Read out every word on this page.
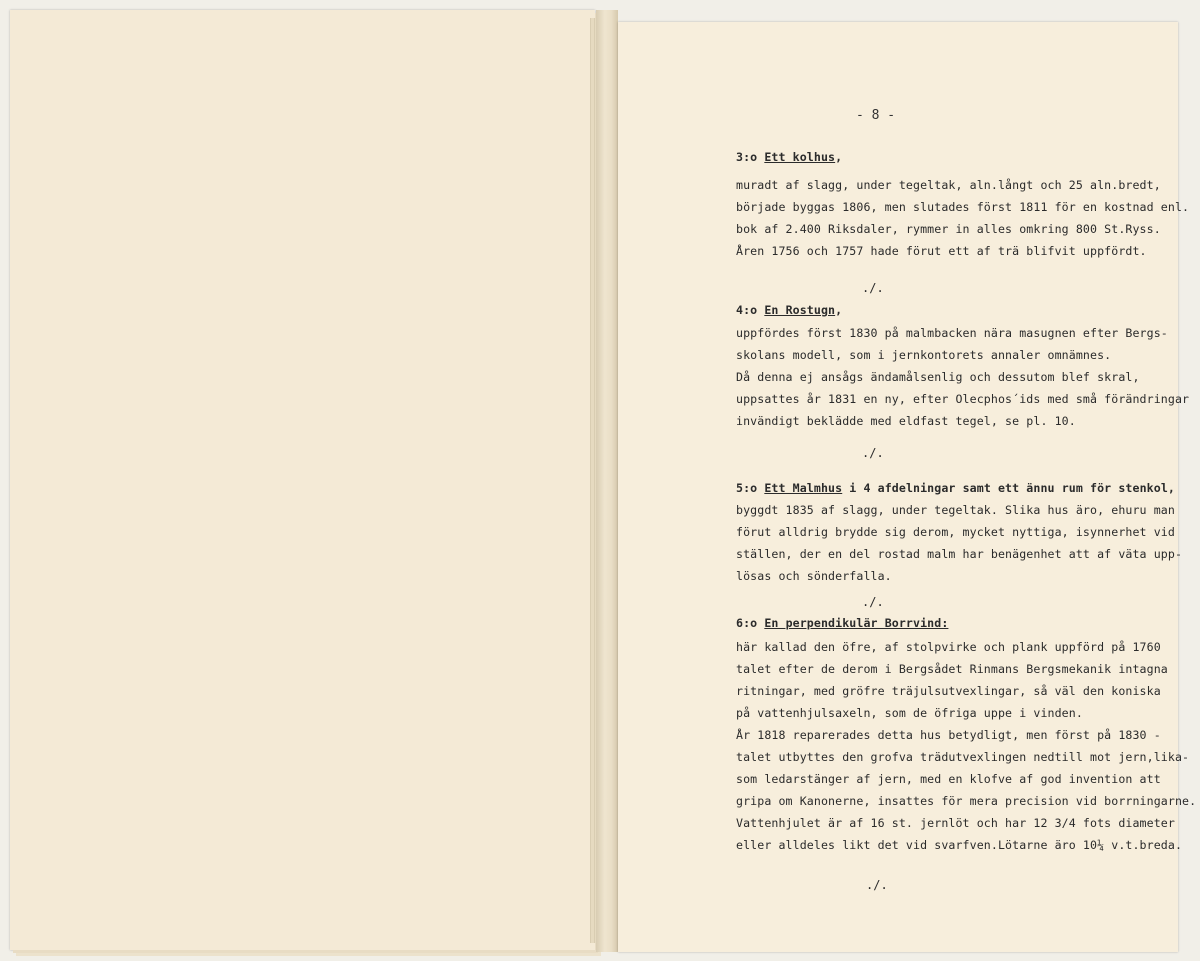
- 8 -
3:o Ett kolhus,
muradt af slagg, under tegeltak, aln.långt och 25 aln.bredt,
började byggas 1806, men slutades först 1811 för en kostnad enl.
bok af 2.400 Riksdaler, rymmer in alles omkring 800 St.Ryss.
Åren 1756 och 1757 hade förut ett af trä blifvit uppfördt.
./.
4:o En Rostugn,
uppfördes först 1830 på malmbacken nära masugnen efter Bergs-
skolans modell, som i jernkontorets annaler omnämnes.
Då denna ej ansågs ändamålsenlig och dessutom blef skral,
uppsattes år 1831 en ny, efter Olecphos´ids med små förändringar
invändigt beklädde med eldfast tegel, se pl. 10.
./.
5:o Ett Malmhus i 4 afdelningar samt ett ännu rum för stenkol,
byggdt 1835 af slagg, under tegeltak. Slika hus äro, ehuru man
förut alldrig brydde sig derom, mycket nyttiga, isynnerhet vid
ställen, der en del rostad malm har benägenhet att af väta upp-
lösas och sönderfalla.
./.
6:o En perpendikulär Borrvind:
här kallad den öfre, af stolpvirke och plank uppförd på 1760
talet efter de derom i Bergsådet Rinmans Bergsmekanik intagna
ritningar, med gröfre träjulsutvexlingar, så väl den koniska
på vattenhjulsaxeln, som de öfriga uppe i vinden.
År 1818 reparerades detta hus betydligt, men först på 1830 -
talet utbyttes den grofva trädutvexlingen nedtill mot jern,lika-
som ledarstänger af jern, med en klofve af god invention att
gripa om Kanonerne, insattes för mera precision vid borrningarne.
Vattenhjulet är af 16 st. jernlöt och har 12 3/4 fots diameter
eller alldeles likt det vid svarfven.Lötarne äro 10¼ v.t.breda.
./.
